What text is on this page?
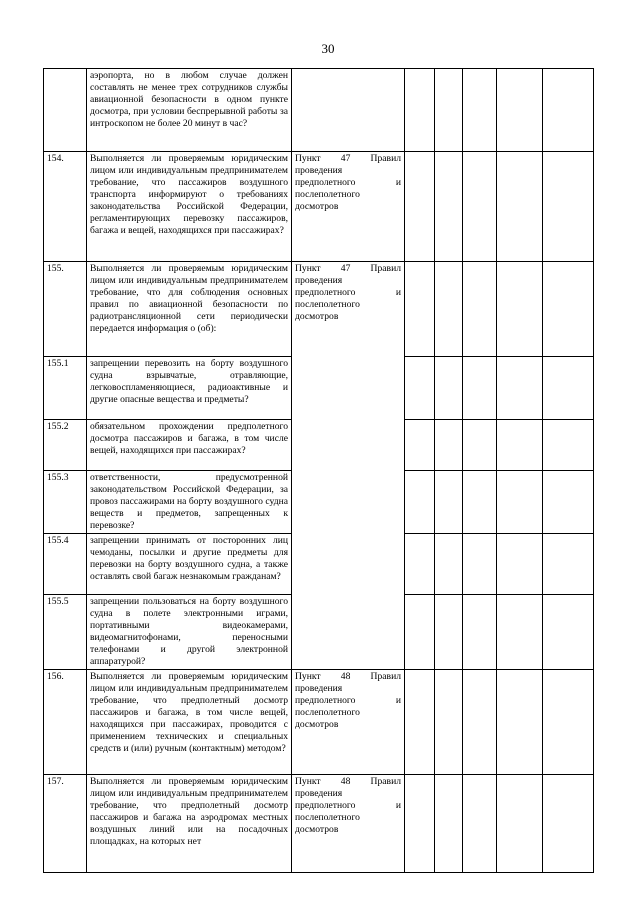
30
	аэропорта, но в любом случае должен составлять не менее трех сотрудников службы авиационной безопасности в одном пункте досмотра, при условии беспрерывной работы за интроскопом не более 20 минут в час?						
154.	Выполняется ли проверяемым юридическим лицом или индивидуальным предпринимателем требование, что пассажиров воздушного транспорта информируют о требованиях законодательства Российской Федерации, регламентирующих перевозку пассажиров, багажа и вещей, находящихся при пассажирах?	Пункт 47 Правил проведения предполетного и послеполетного досмотров					
155.	Выполняется ли проверяемым юридическим лицом или индивидуальным предпринимателем требование, что для соблюдения основных правил по авиационной безопасности по радиотрансляционной сети периодически передается информация о (об):	Пункт 47 Правил проведения предполетного и послеполетного досмотров					
155.1	запрещении перевозить на борту воздушного судна взрывчатые, отравляющие, легковоспламеняющиеся, радиоактивные и другие опасные вещества и предметы?						
155.2	обязательном прохождении предполетного досмотра пассажиров и багажа, в том числе вещей, находящихся при пассажирах?						
155.3	ответственности, предусмотренной законодательством Российской Федерации, за провоз пассажирами на борту воздушного судна веществ и предметов, запрещенных к перевозке?						
155.4	запрещении принимать от посторонних лиц чемоданы, посылки и другие предметы для перевозки на борту воздушного судна, а также оставлять свой багаж незнакомым гражданам?						
155.5	запрещении пользоваться на борту воздушного судна в полете электронными играми, портативными видеокамерами, видеомагнитофонами, переносными телефонами и другой электронной аппаратурой?						
156.	Выполняется ли проверяемым юридическим лицом или индивидуальным предпринимателем требование, что предполетный досмотр пассажиров и багажа, в том числе вещей, находящихся при пассажирах, проводится с применением технических и специальных средств и (или) ручным (контактным) методом?	Пункт 48 Правил проведения предполетного и послеполетного досмотров					
157.	Выполняется ли проверяемым юридическим лицом или индивидуальным предпринимателем требование, что предполетный досмотр пассажиров и багажа на аэродромах местных воздушных линий или на посадочных площадках, на которых нет	Пункт 48 Правил проведения предполетного и послеполетного досмотров					
